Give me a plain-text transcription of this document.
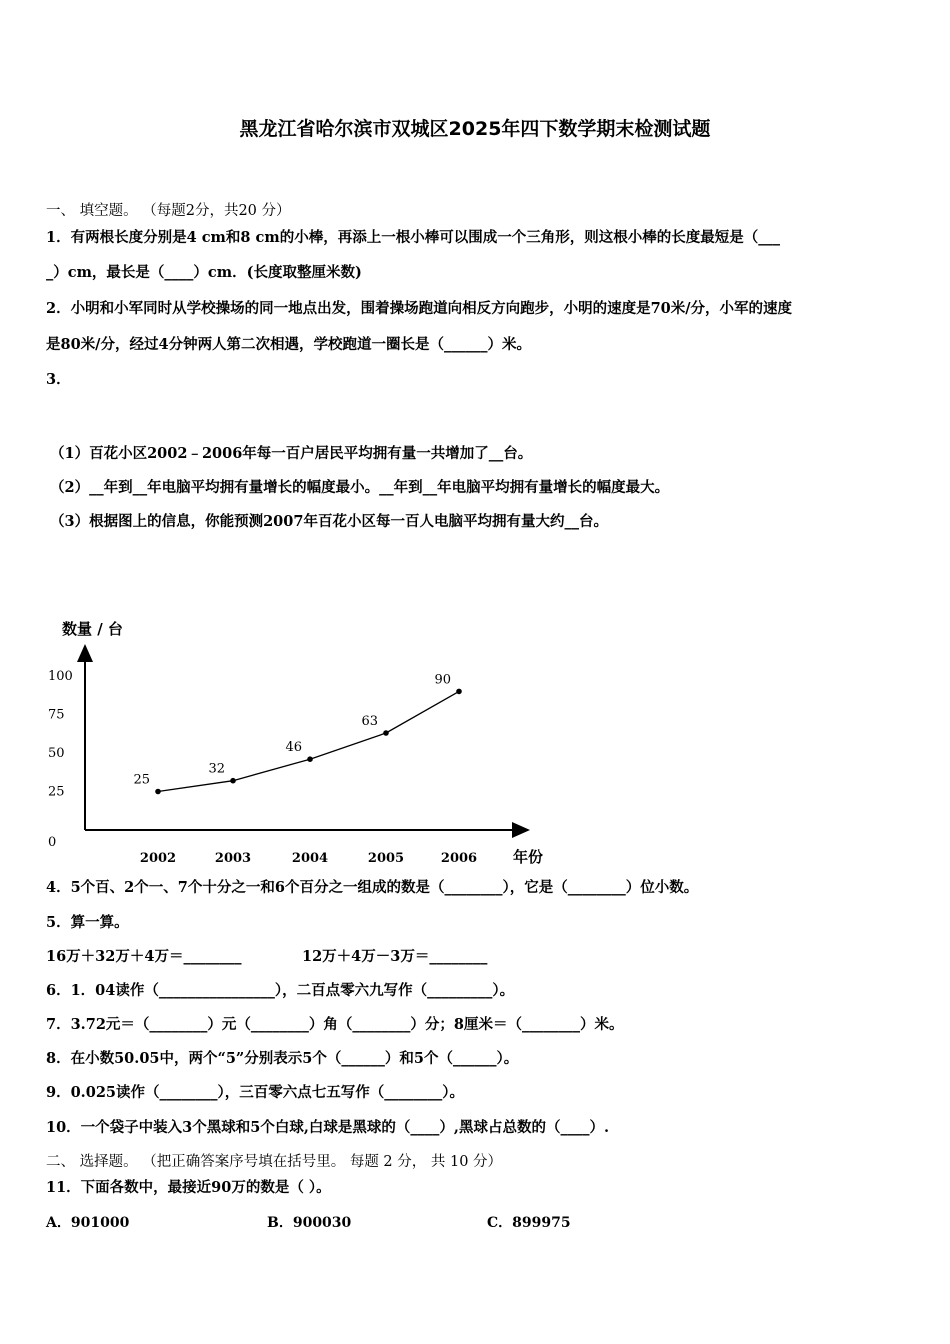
黑龙江省哈尔滨市双城区2025年四下数学期末检测试题
一、 填空题。 （每题2分，共20 分）
1．有两根长度分别是4 cm和8 cm的小棒，再添上一根小棒可以围成一个三角形，则这根小棒的长度最短是（___
_）cm，最长是（____）cm．(长度取整厘米数)
2．小明和小军同时从学校操场的同一地点出发，围着操场跑道向相反方向跑步，小明的速度是70米/分，小军的速度
是80米/分，经过4分钟两人第二次相遇，学校跑道一圈长是（______）米。
3．
（1）百花小区2002﹣2006年每一百户居民平均拥有量一共增加了__台。
（2）__年到__年电脑平均拥有量增长的幅度最小。__年到__年电脑平均拥有量增长的幅度最大。
（3）根据图上的信息，你能预测2007年百花小区每一百人电脑平均拥有量大约__台。
数量 / 台
年份
0
25
50
75
100
2002	2003	2004	2005	2006
25
32
46
63
90
4．5个百、2个一、7个十分之一和6个百分之一组成的数是（________），它是（________）位小数。
5．算一算。
16万＋32万＋4万＝________	12万＋4万－3万＝________
6．1．04读作（________________），二百点零六九写作（_________）。
7．3.72元＝（________）元（________）角（________）分；8厘米＝（________）米。
8．在小数50.05中，两个“5”分别表示5个（______）和5个（______）。
9．0.025读作（________），三百零六点七五写作（________）。
10．一个袋子中装入3个黑球和5个白球,白球是黑球的（____）,黑球占总数的（____）.
二、 选择题。 （把正确答案序号填在括号里。 每题 2 分， 共 10 分）
11．下面各数中，最接近90万的数是（ ）。
A．901000	B．900030	C．899975
